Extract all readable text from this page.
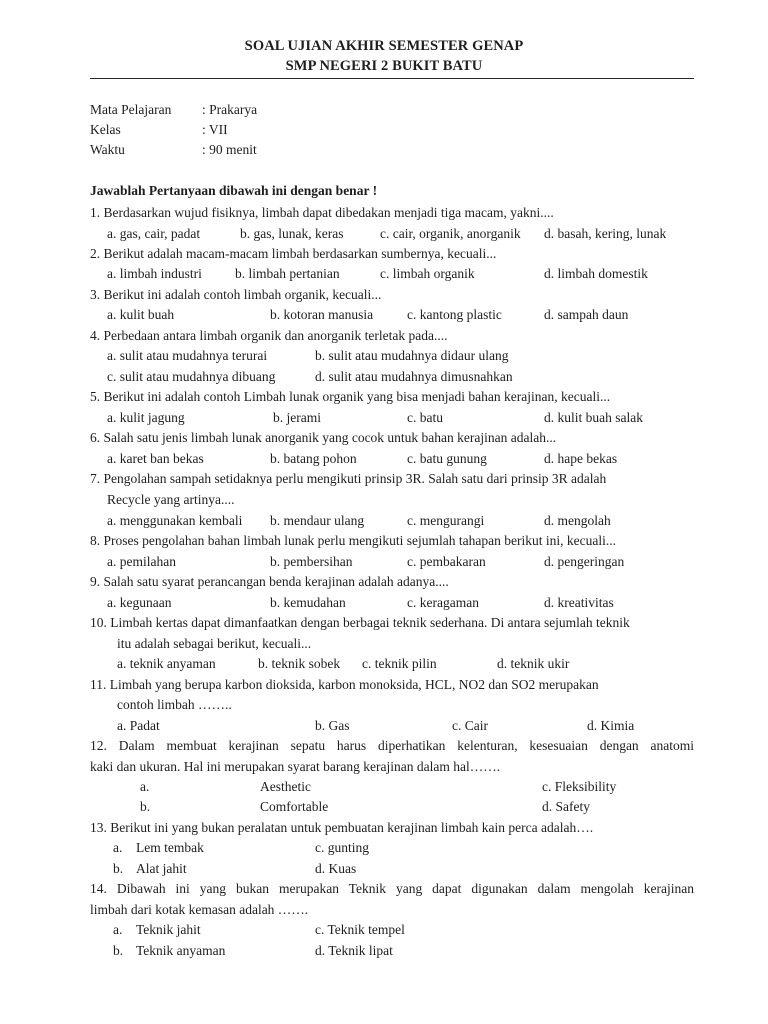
SOAL UJIAN AKHIR SEMESTER GENAP
SMP NEGERI 2 BUKIT BATU
Mata Pelajaran : Prakarya
Kelas	: VII
Waktu	: 90 menit
Jawablah Pertanyaan dibawah ini dengan benar !
1. Berdasarkan wujud fisiknya, limbah dapat dibedakan menjadi tiga macam, yakni....
a. gas, cair, padat	b. gas, lunak, keras	c. cair, organik, anorganik d. basah, kering, lunak
2. Berikut adalah macam-macam limbah berdasarkan sumbernya, kecuali...
a. limbah industri b. limbah pertanian	c. limbah organik	d. limbah domestik
3. Berikut ini adalah contoh limbah organik, kecuali...
a. kulit buah	b. kotoran manusia	c. kantong plastic	d. sampah daun
4. Perbedaan antara limbah organik dan anorganik terletak pada....
a. sulit atau mudahnya terurai	b. sulit atau mudahnya didaur ulang
c. sulit atau mudahnya dibuang	d. sulit atau mudahnya dimusnahkan
5. Berikut ini adalah contoh Limbah lunak organik yang bisa menjadi bahan kerajinan, kecuali...
a. kulit jagung	b. jerami	c. batu	d. kulit buah salak
6. Salah satu jenis limbah lunak anorganik yang cocok untuk bahan kerajinan adalah...
a. karet ban bekas	b. batang pohon	c. batu gunung	d. hape bekas
7. Pengolahan sampah setidaknya perlu mengikuti prinsip 3R. Salah satu dari prinsip 3R adalah
Recycle yang artinya....
a. menggunakan kembali b. mendaur ulang	c. mengurangi	d. mengolah
8. Proses pengolahan bahan limbah lunak perlu mengikuti sejumlah tahapan berikut ini, kecuali...
a. pemilahan	b. pembersihan	c. pembakaran	d. pengeringan
9. Salah satu syarat perancangan benda kerajinan adalah adanya....
a. kegunaan	b. kemudahan	c. keragaman	d. kreativitas
10. Limbah kertas dapat dimanfaatkan dengan berbagai teknik sederhana. Di antara sejumlah teknik
itu adalah sebagai berikut, kecuali...
a. teknik anyaman	b. teknik sobek c. teknik pilin	d. teknik ukir
11. Limbah yang berupa karbon dioksida, karbon monoksida, HCL, NO2 dan SO2 merupakan
contoh limbah ……..
a. Padat	b. Gas	c. Cair	d. Kimia
12. Dalam membuat kerajinan sepatu harus diperhatikan kelenturan, kesesuaian dengan anatomi
kaki dan ukuran. Hal ini merupakan syarat barang kerajinan dalam hal…….
a.	Aesthetic	c. Fleksibility
b.	Comfortable	d. Safety
13. Berikut ini yang bukan peralatan untuk pembuatan kerajinan limbah kain perca adalah….
a. Lem tembak	c. gunting
b. Alat jahit	d. Kuas
14. Dibawah ini yang bukan merupakan Teknik yang dapat digunakan dalam mengolah kerajinan
limbah dari kotak kemasan adalah …….
a. Teknik jahit	c. Teknik tempel
b. Teknik anyaman	d. Teknik lipat
